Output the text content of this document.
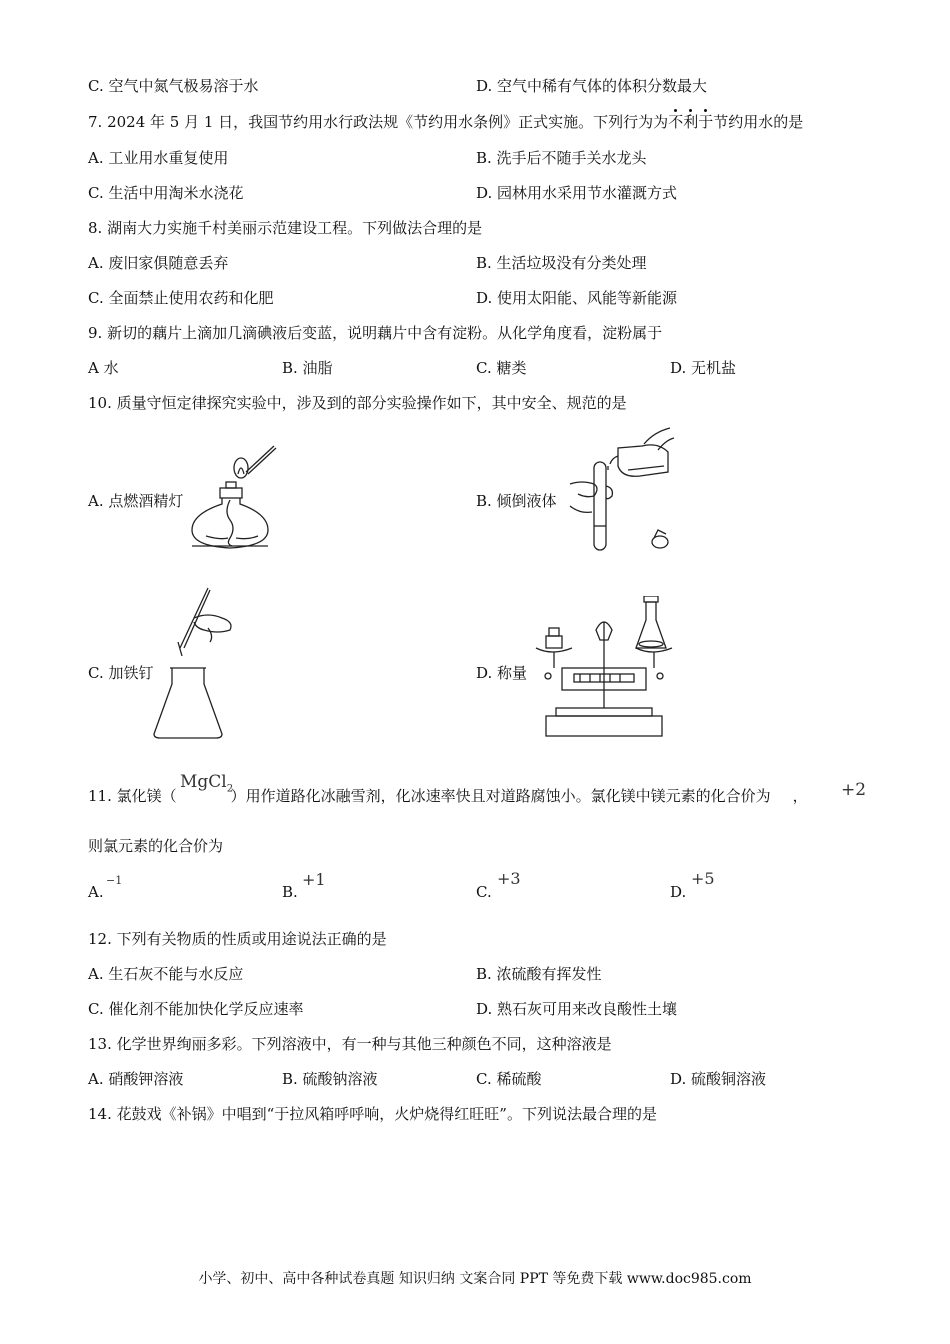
C. 空气中氮气极易溶于水	D. 空气中稀有气体的体积分数最大
7. 2024 年 5 月 1 日，我国节约用水行政法规《节约用水条例》正式实施。下列行为为不利于节约用水的是
A. 工业用水重复使用	B. 洗手后不随手关水龙头
C. 生活中用淘米水浇花	D. 园林用水采用节水灌溉方式
8. 湖南大力实施千村美丽示范建设工程。下列做法合理的是
A. 废旧家俱随意丢弃	B. 生活垃圾没有分类处理
C. 全面禁止使用农药和化肥	D. 使用太阳能、风能等新能源
9. 新切的藕片上滴加几滴碘液后变蓝，说明藕片中含有淀粉。从化学角度看，淀粉属于
A 水	B. 油脂	C. 糖类	D. 无机盐
10. 质量守恒定律探究实验中，涉及到的部分实验操作如下，其中安全、规范的是
A. 点燃酒精灯	B. 倾倒液体
C. 加铁钉	D. 称量
11. 氯化镁（	）用作道路化冰融雪剂，化冰速率快且对道路腐蚀小。氯化镁中镁元素的化合价为 ，
MgCl$_2$	+2
则氯元素的化合价为
A.
−1
B.
+1
C.
+3
D.
+5
12. 下列有关物质的性质或用途说法正确的是
A. 生石灰不能与水反应	B. 浓硫酸有挥发性
C. 催化剂不能加快化学反应速率	D. 熟石灰可用来改良酸性土壤
13. 化学世界绚丽多彩。下列溶液中，有一种与其他三种颜色不同，这种溶液是
A. 硝酸钾溶液	B. 硫酸钠溶液	C. 稀硫酸	D. 硫酸铜溶液
14. 花鼓戏《补锅》中唱到“于拉风箱呼呼响，火炉烧得红旺旺”。下列说法最合理的是
小学、初中、高中各种试卷真题 知识归纳 文案合同 PPT 等免费下载 www.doc985.com
